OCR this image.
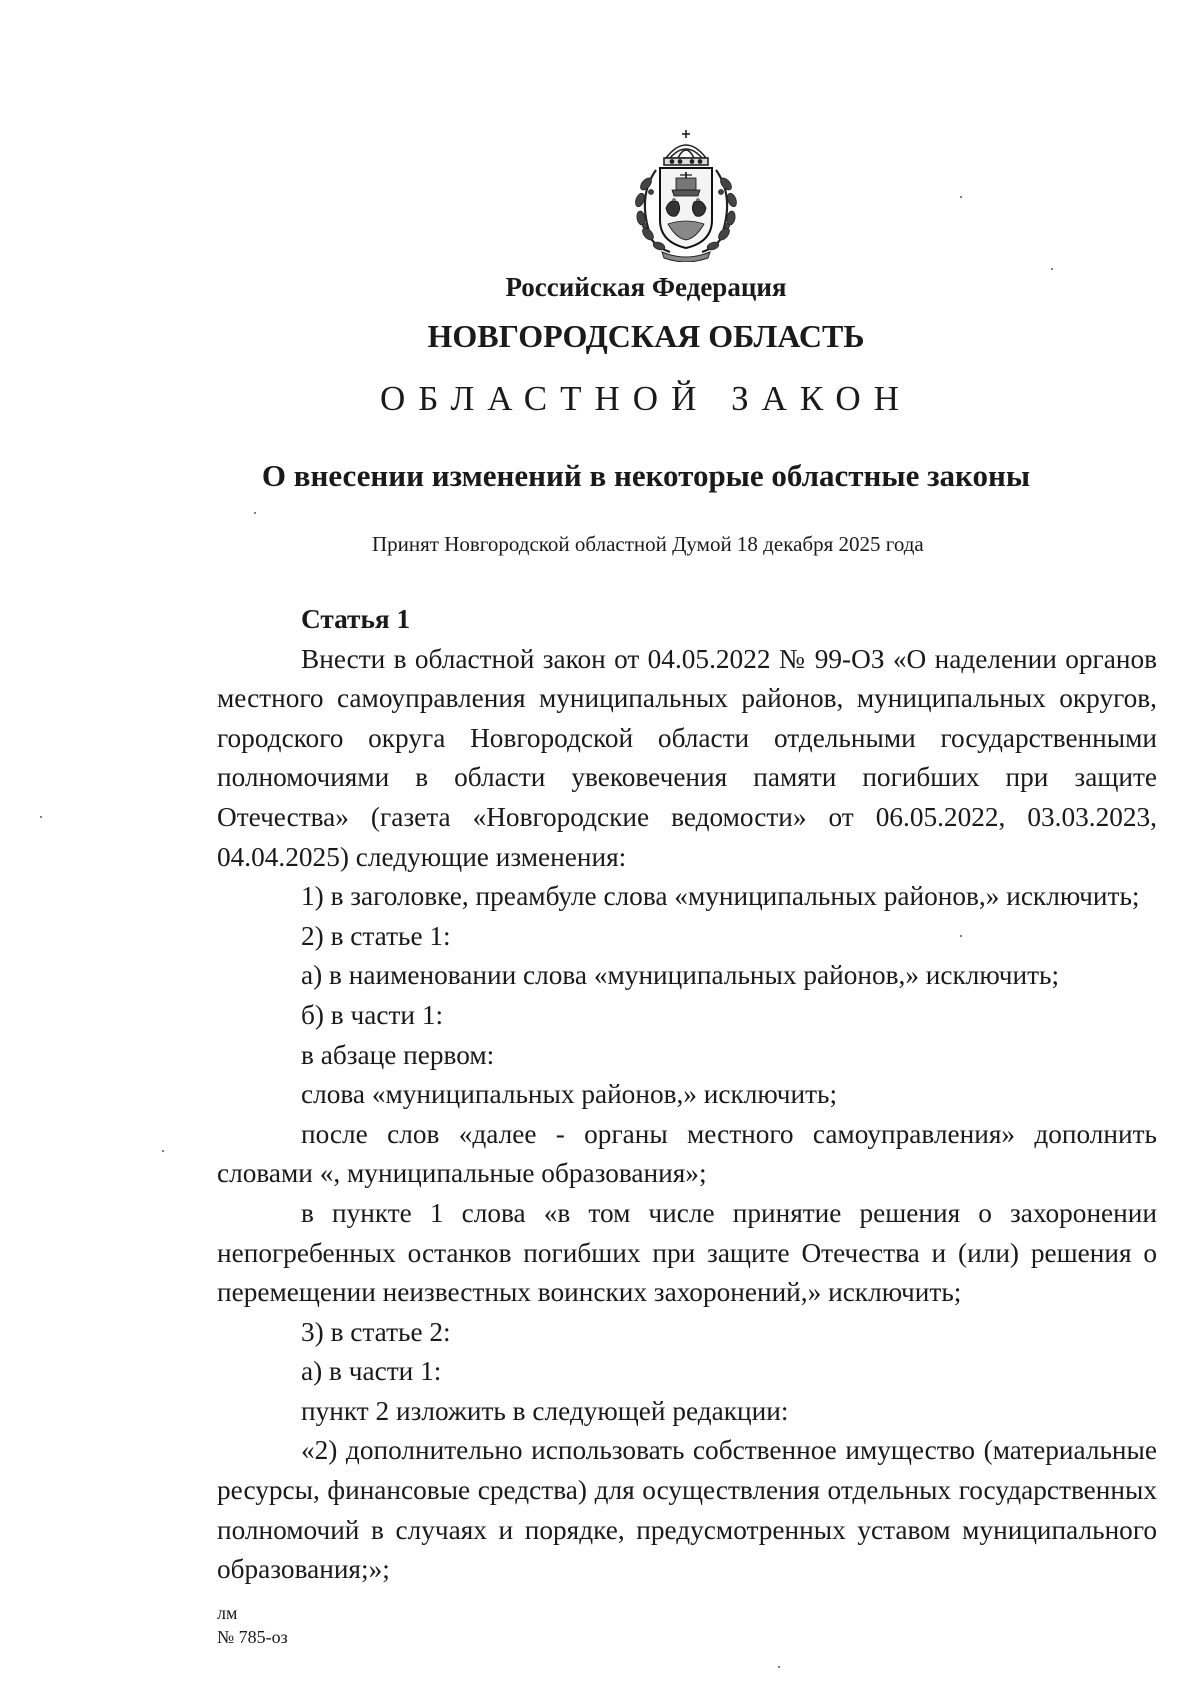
Российская Федерация
НОВГОРОДСКАЯ ОБЛАСТЬ
ОБЛАСТНОЙ ЗАКОН
О внесении изменений в некоторые областные законы
Принят Новгородской областной Думой 18 декабря 2025 года

Статья 1

Внести в областной закон от 04.05.2022 № 99-ОЗ «О наделении органов местного самоуправления муниципальных районов, муниципальных округов, городского округа Новгородской области отдельными государственными полномочиями в области увековечения памяти погибших при защите Отечества» (газета «Новгородские ведомости» от 06.05.2022, 03.03.2023, 04.04.2025) следующие изменения:

1) в заголовке, преамбуле слова «муниципальных районов,» исключить;

2) в статье 1:

а) в наименовании слова «муниципальных районов,» исключить;

б) в части 1:

в абзаце первом:

слова «муниципальных районов,» исключить;

после слов «далее - органы местного самоуправления» дополнить словами «, муниципальные образования»;

в пункте 1 слова «в том числе принятие решения о захоронении непогребенных останков погибших при защите Отечества и (или) решения о перемещении неизвестных воинских захоронений,» исключить;

3) в статье 2:

а) в части 1:

пункт 2 изложить в следующей редакции:

«2) дополнительно использовать собственное имущество (материальные ресурсы, финансовые средства) для осуществления отдельных государственных полномочий в случаях и порядке, предусмотренных уставом муниципального образования;»;

лм
№ 785-оз
